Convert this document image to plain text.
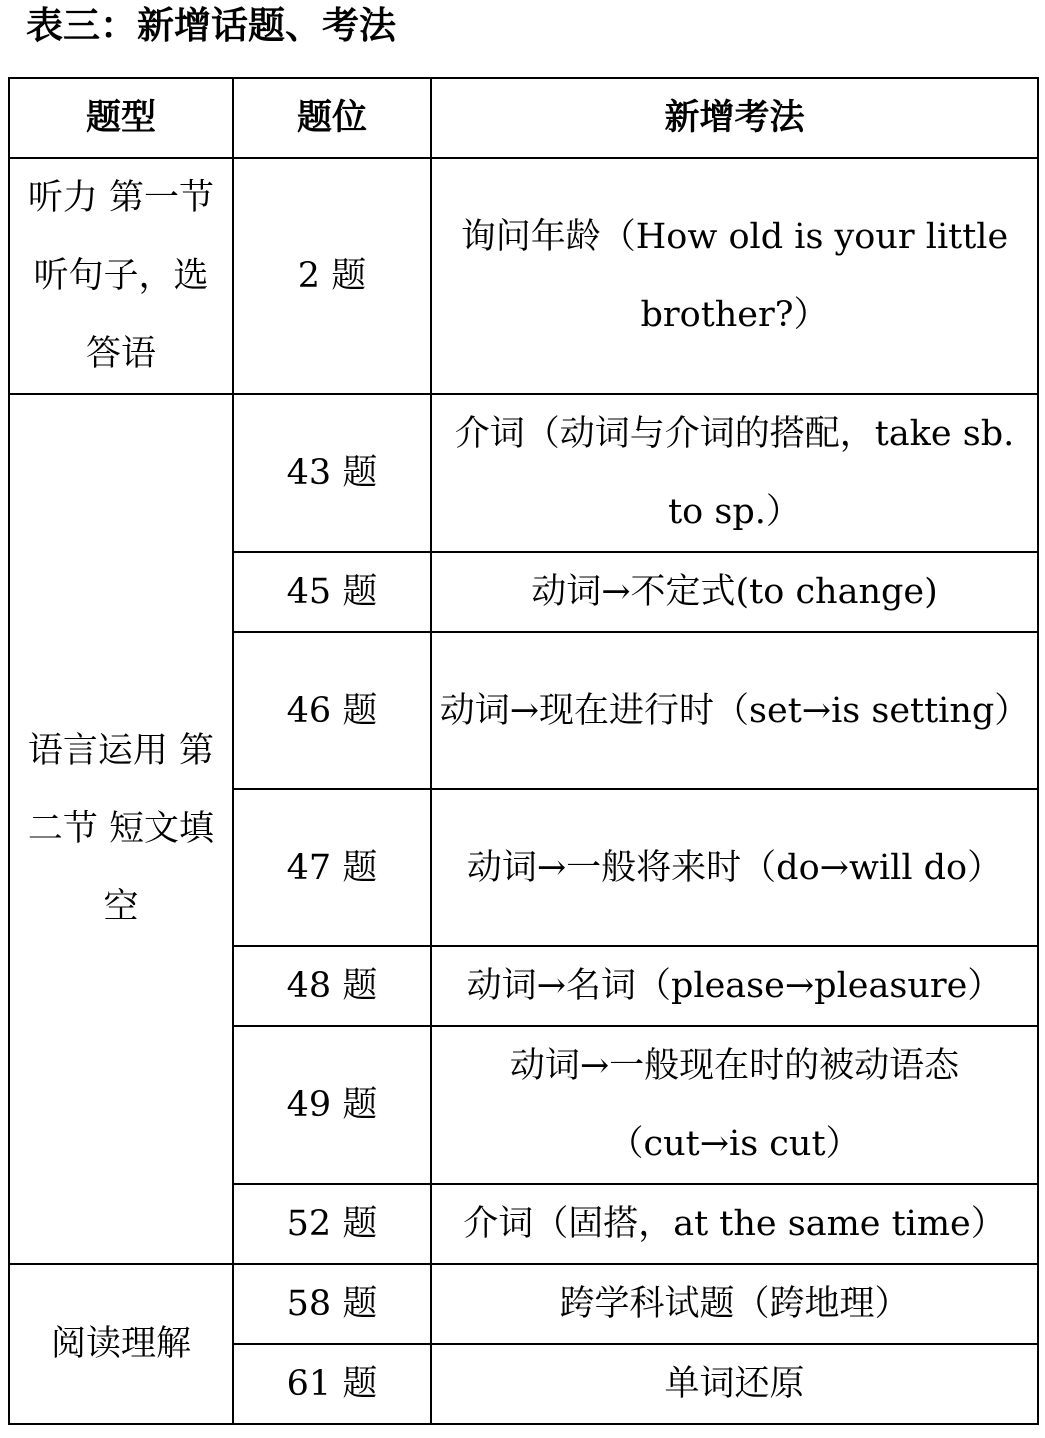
表三：新增话题、考法
题型	题位	新增考法

听力 第一节 听句子，选答语	2 题	询问年龄（How old is your little brother?）

语言运用 第二节 短文填空	43 题	介词（动词与介词的搭配，take sb. to sp.）
	45 题	动词→不定式(to change)
	46 题	动词→现在进行时（set→is setting）
	47 题	动词→一般将来时（do→will do）
	48 题	动词→名词（please→pleasure）
	49 题	动词→一般现在时的被动语态（cut→is cut）
	52 题	介词（固搭，at the same time）

阅读理解	58 题	跨学科试题（跨地理）
	61 题	单词还原
